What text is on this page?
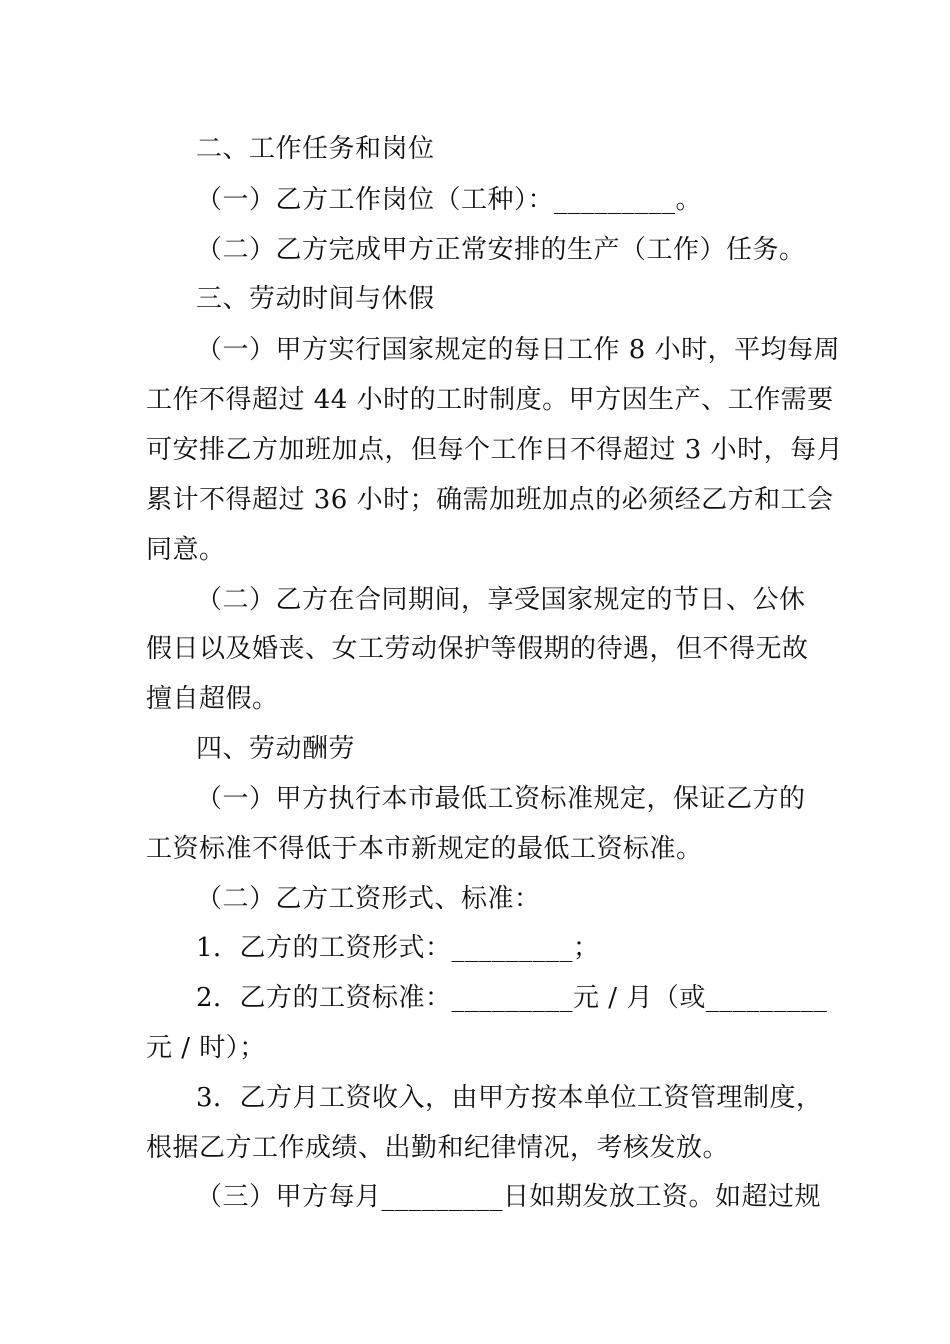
二、工作任务和岗位
（一）乙方工作岗位（工种）：_________。
（二）乙方完成甲方正常安排的生产（工作）任务。
三、劳动时间与休假
（一）甲方实行国家规定的每日工作 8 小时，平均每周
工作不得超过 44 小时的工时制度。甲方因生产、工作需要
可安排乙方加班加点，但每个工作日不得超过 3 小时，每月
累计不得超过 36 小时；确需加班加点的必须经乙方和工会
同意。
（二）乙方在合同期间，享受国家规定的节日、公休
假日以及婚丧、女工劳动保护等假期的待遇，但不得无故
擅自超假。
四、劳动酬劳
（一）甲方执行本市最低工资标准规定，保证乙方的
工资标准不得低于本市新规定的最低工资标准。
（二）乙方工资形式、标准：
1．乙方的工资形式：_________；
2．乙方的工资标准：_________元 / 月（或_________
元 / 时）；
3．乙方月工资收入，由甲方按本单位工资管理制度，
根据乙方工作成绩、出勤和纪律情况，考核发放。
（三）甲方每月_________日如期发放工资。如超过规
